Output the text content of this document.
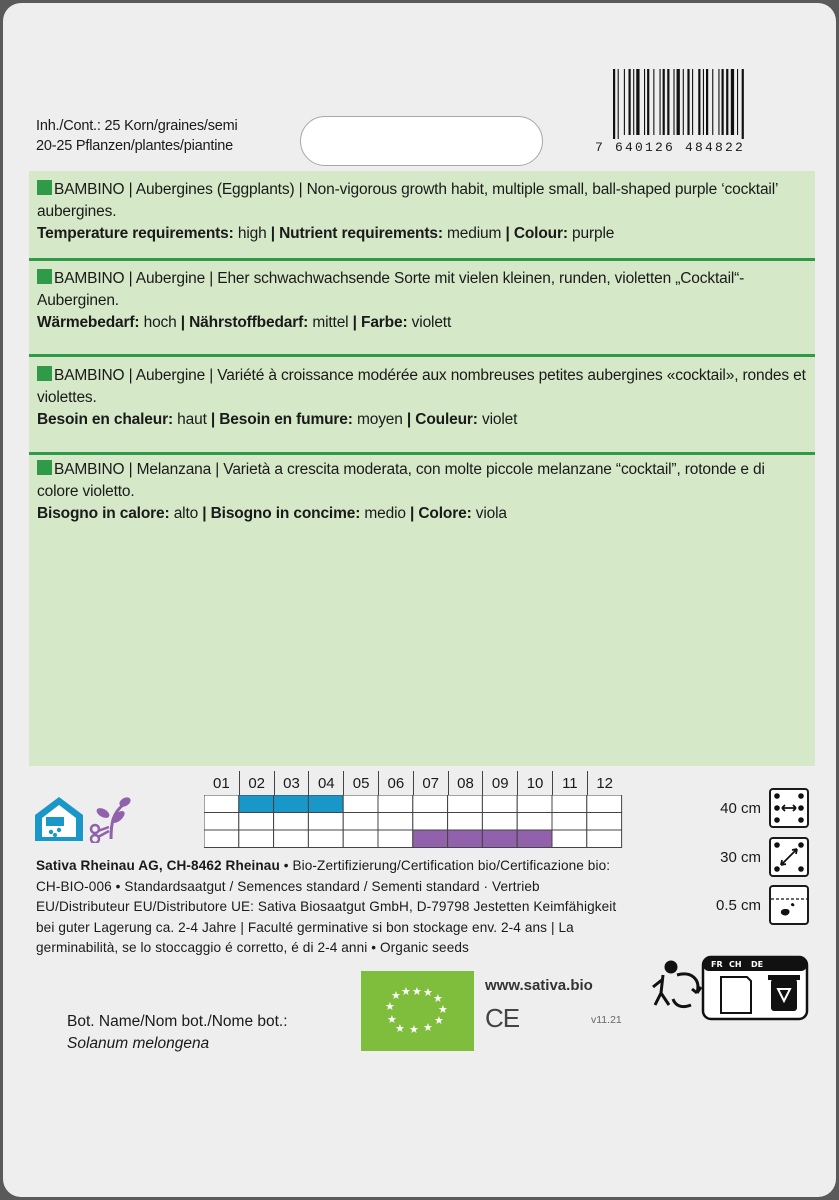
Inh./Cont.: 25 Korn/graines/semi
20-25 Pflanzen/plantes/piantine	7 640126 484822
BAMBINO | Aubergines (Eggplants) | Non-vigorous growth habit, multiple small, ball-shaped purple ‘cocktail’ aubergines.
Temperature requirements: high | Nutrient requirements: medium | Colour: purple
BAMBINO | Aubergine | Eher schwachwachsende Sorte mit vielen kleinen, runden, violetten „Cocktail“-Auberginen.
Wärmebedarf: hoch | Nährstoffbedarf: mittel | Farbe: violett
BAMBINO | Aubergine | Variété à croissance modérée aux nombreuses petites aubergines «cocktail», rondes et violettes.
Besoin en chaleur: haut | Besoin en fumure: moyen | Couleur: violet
BAMBINO | Melanzana | Varietà a crescita moderata, con molte piccole melanzane “cocktail”, rotonde e di colore violetto.
Bisogno in calore: alto | Bisogno in concime: medio | Colore: viola
01	02	03	04	05	06	07	08	09	10	11	12
Sativa Rheinau AG, CH-8462 Rheinau • Bio-Zertifizierung/Certification bio/Certificazione bio: CH-BIO-006 • Standardsaatgut / Semences standard / Sementi standard · Vertrieb EU/Distributeur EU/Distributore UE: Sativa Biosaatgut GmbH, D-79798 Jestetten Keimfähigkeit bei guter Lagerung ca. 2-4 Jahre | Faculté germinative si bon stockage env. 2-4 ans | La germinabilità, se lo stoccaggio é corretto, é di 2-4 anni • Organic seeds
40 cm
30 cm
0.5 cm
★ ★ ★ ★ ★
★	★
★	★
★ ★ ★
www.sativa.bio
CE	v11.21
Bot. Name/Nom bot./Nome bot.:
Solanum melongena
FR CH DE
